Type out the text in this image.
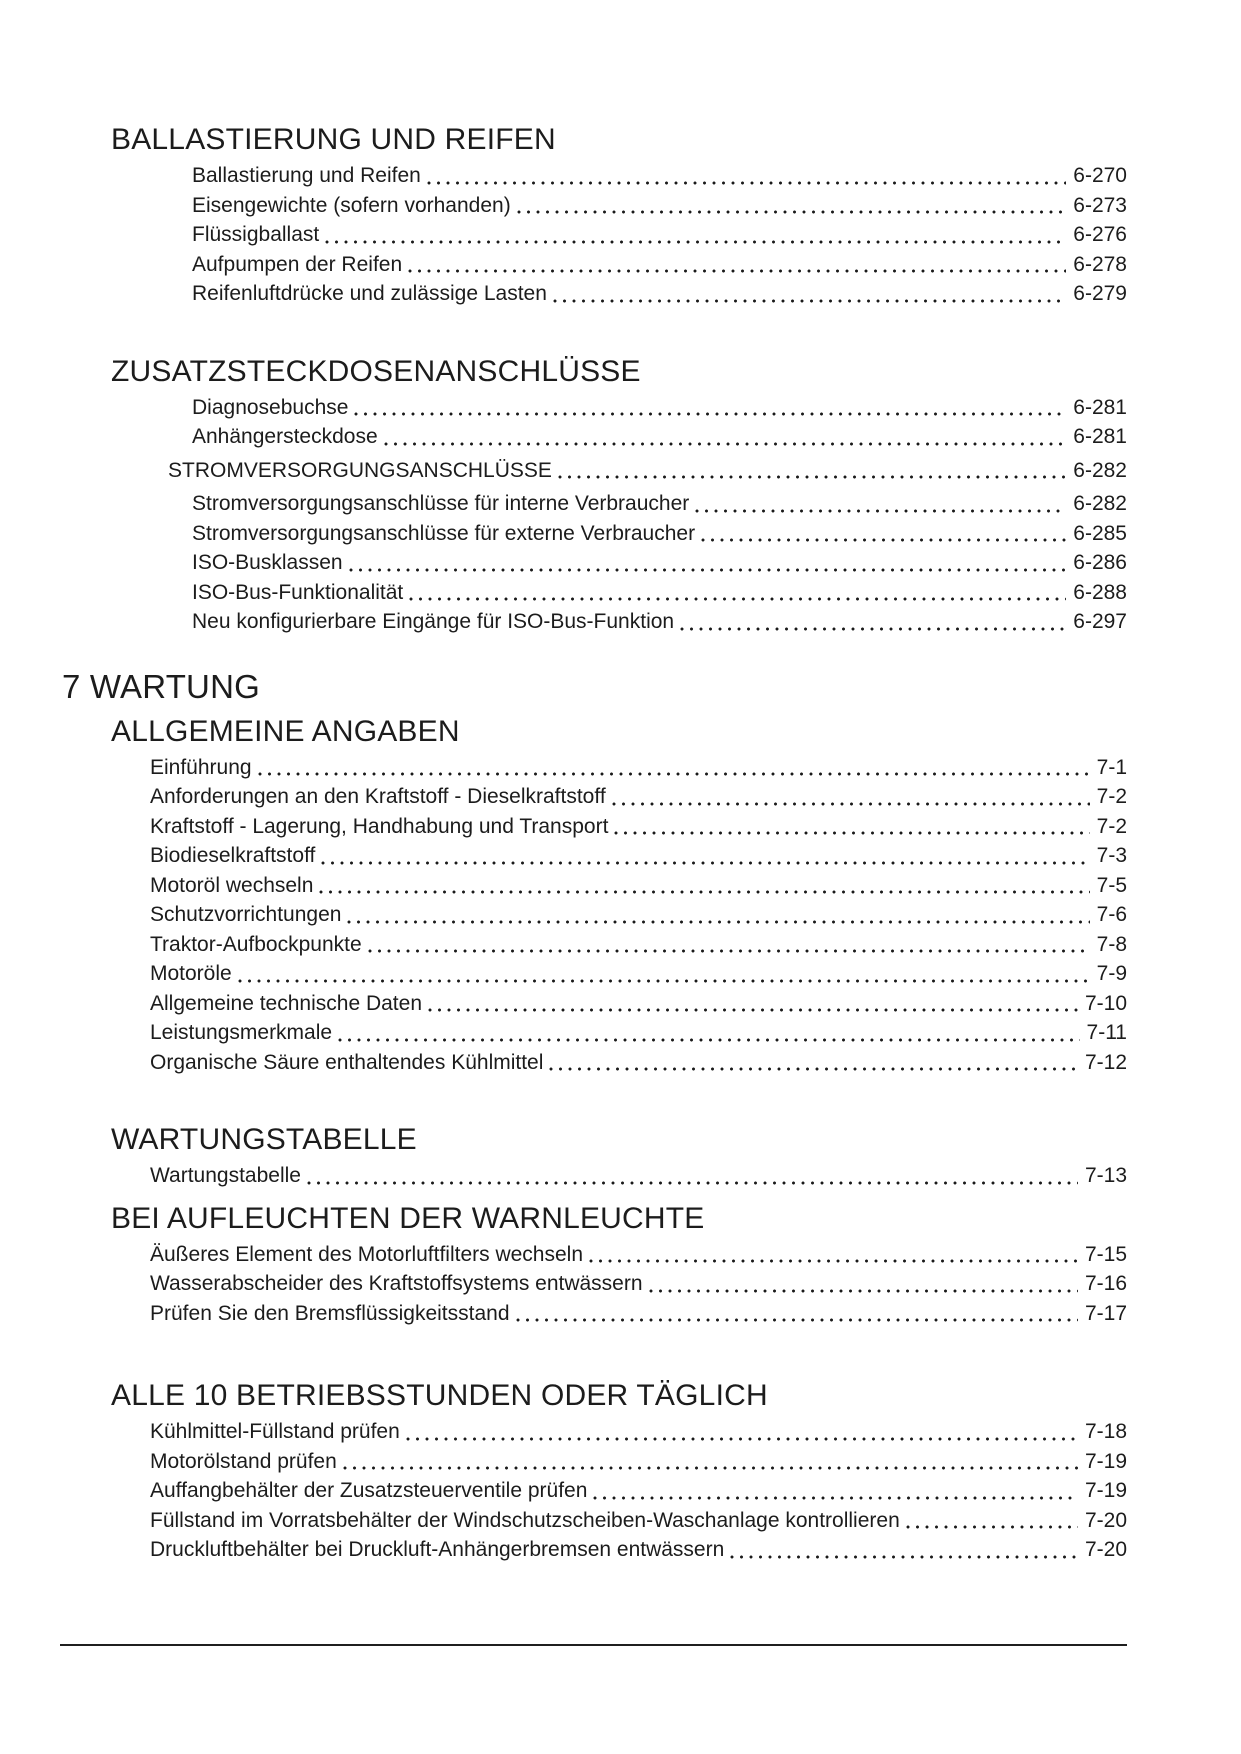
BALLASTIERUNG UND REIFEN
Ballastierung und Reifen	6-270
Eisengewichte (sofern vorhanden)	6-273
Flüssigballast	6-276
Aufpumpen der Reifen	6-278
Reifenluftdrücke und zulässige Lasten	6-279
ZUSATZSTECKDOSENANSCHLÜSSE
Diagnosebuchse	6-281
Anhängersteckdose	6-281
STROMVERSORGUNGSANSCHLÜSSE	6-282
Stromversorgungsanschlüsse für interne Verbraucher	6-282
Stromversorgungsanschlüsse für externe Verbraucher	6-285
ISO-Busklassen	6-286
ISO-Bus-Funktionalität	6-288
Neu konfigurierbare Eingänge für ISO-Bus-Funktion	6-297
7 WARTUNG
ALLGEMEINE ANGABEN
Einführung	7-1
Anforderungen an den Kraftstoff - Dieselkraftstoff	7-2
Kraftstoff - Lagerung, Handhabung und Transport	7-2
Biodieselkraftstoff	7-3
Motoröl wechseln	7-5
Schutzvorrichtungen	7-6
Traktor-Aufbockpunkte	7-8
Motoröle	7-9
Allgemeine technische Daten	7-10
Leistungsmerkmale	7-11
Organische Säure enthaltendes Kühlmittel	7-12
WARTUNGSTABELLE
Wartungstabelle	7-13
BEI AUFLEUCHTEN DER WARNLEUCHTE
Äußeres Element des Motorluftfilters wechseln	7-15
Wasserabscheider des Kraftstoffsystems entwässern	7-16
Prüfen Sie den Bremsflüssigkeitsstand	7-17
ALLE 10 BETRIEBSSTUNDEN ODER TÄGLICH
Kühlmittel-Füllstand prüfen	7-18
Motorölstand prüfen	7-19
Auffangbehälter der Zusatzsteuerventile prüfen	7-19
Füllstand im Vorratsbehälter der Windschutzscheiben-Waschanlage kontrollieren	7-20
Druckluftbehälter bei Druckluft-Anhängerbremsen entwässern	7-20
